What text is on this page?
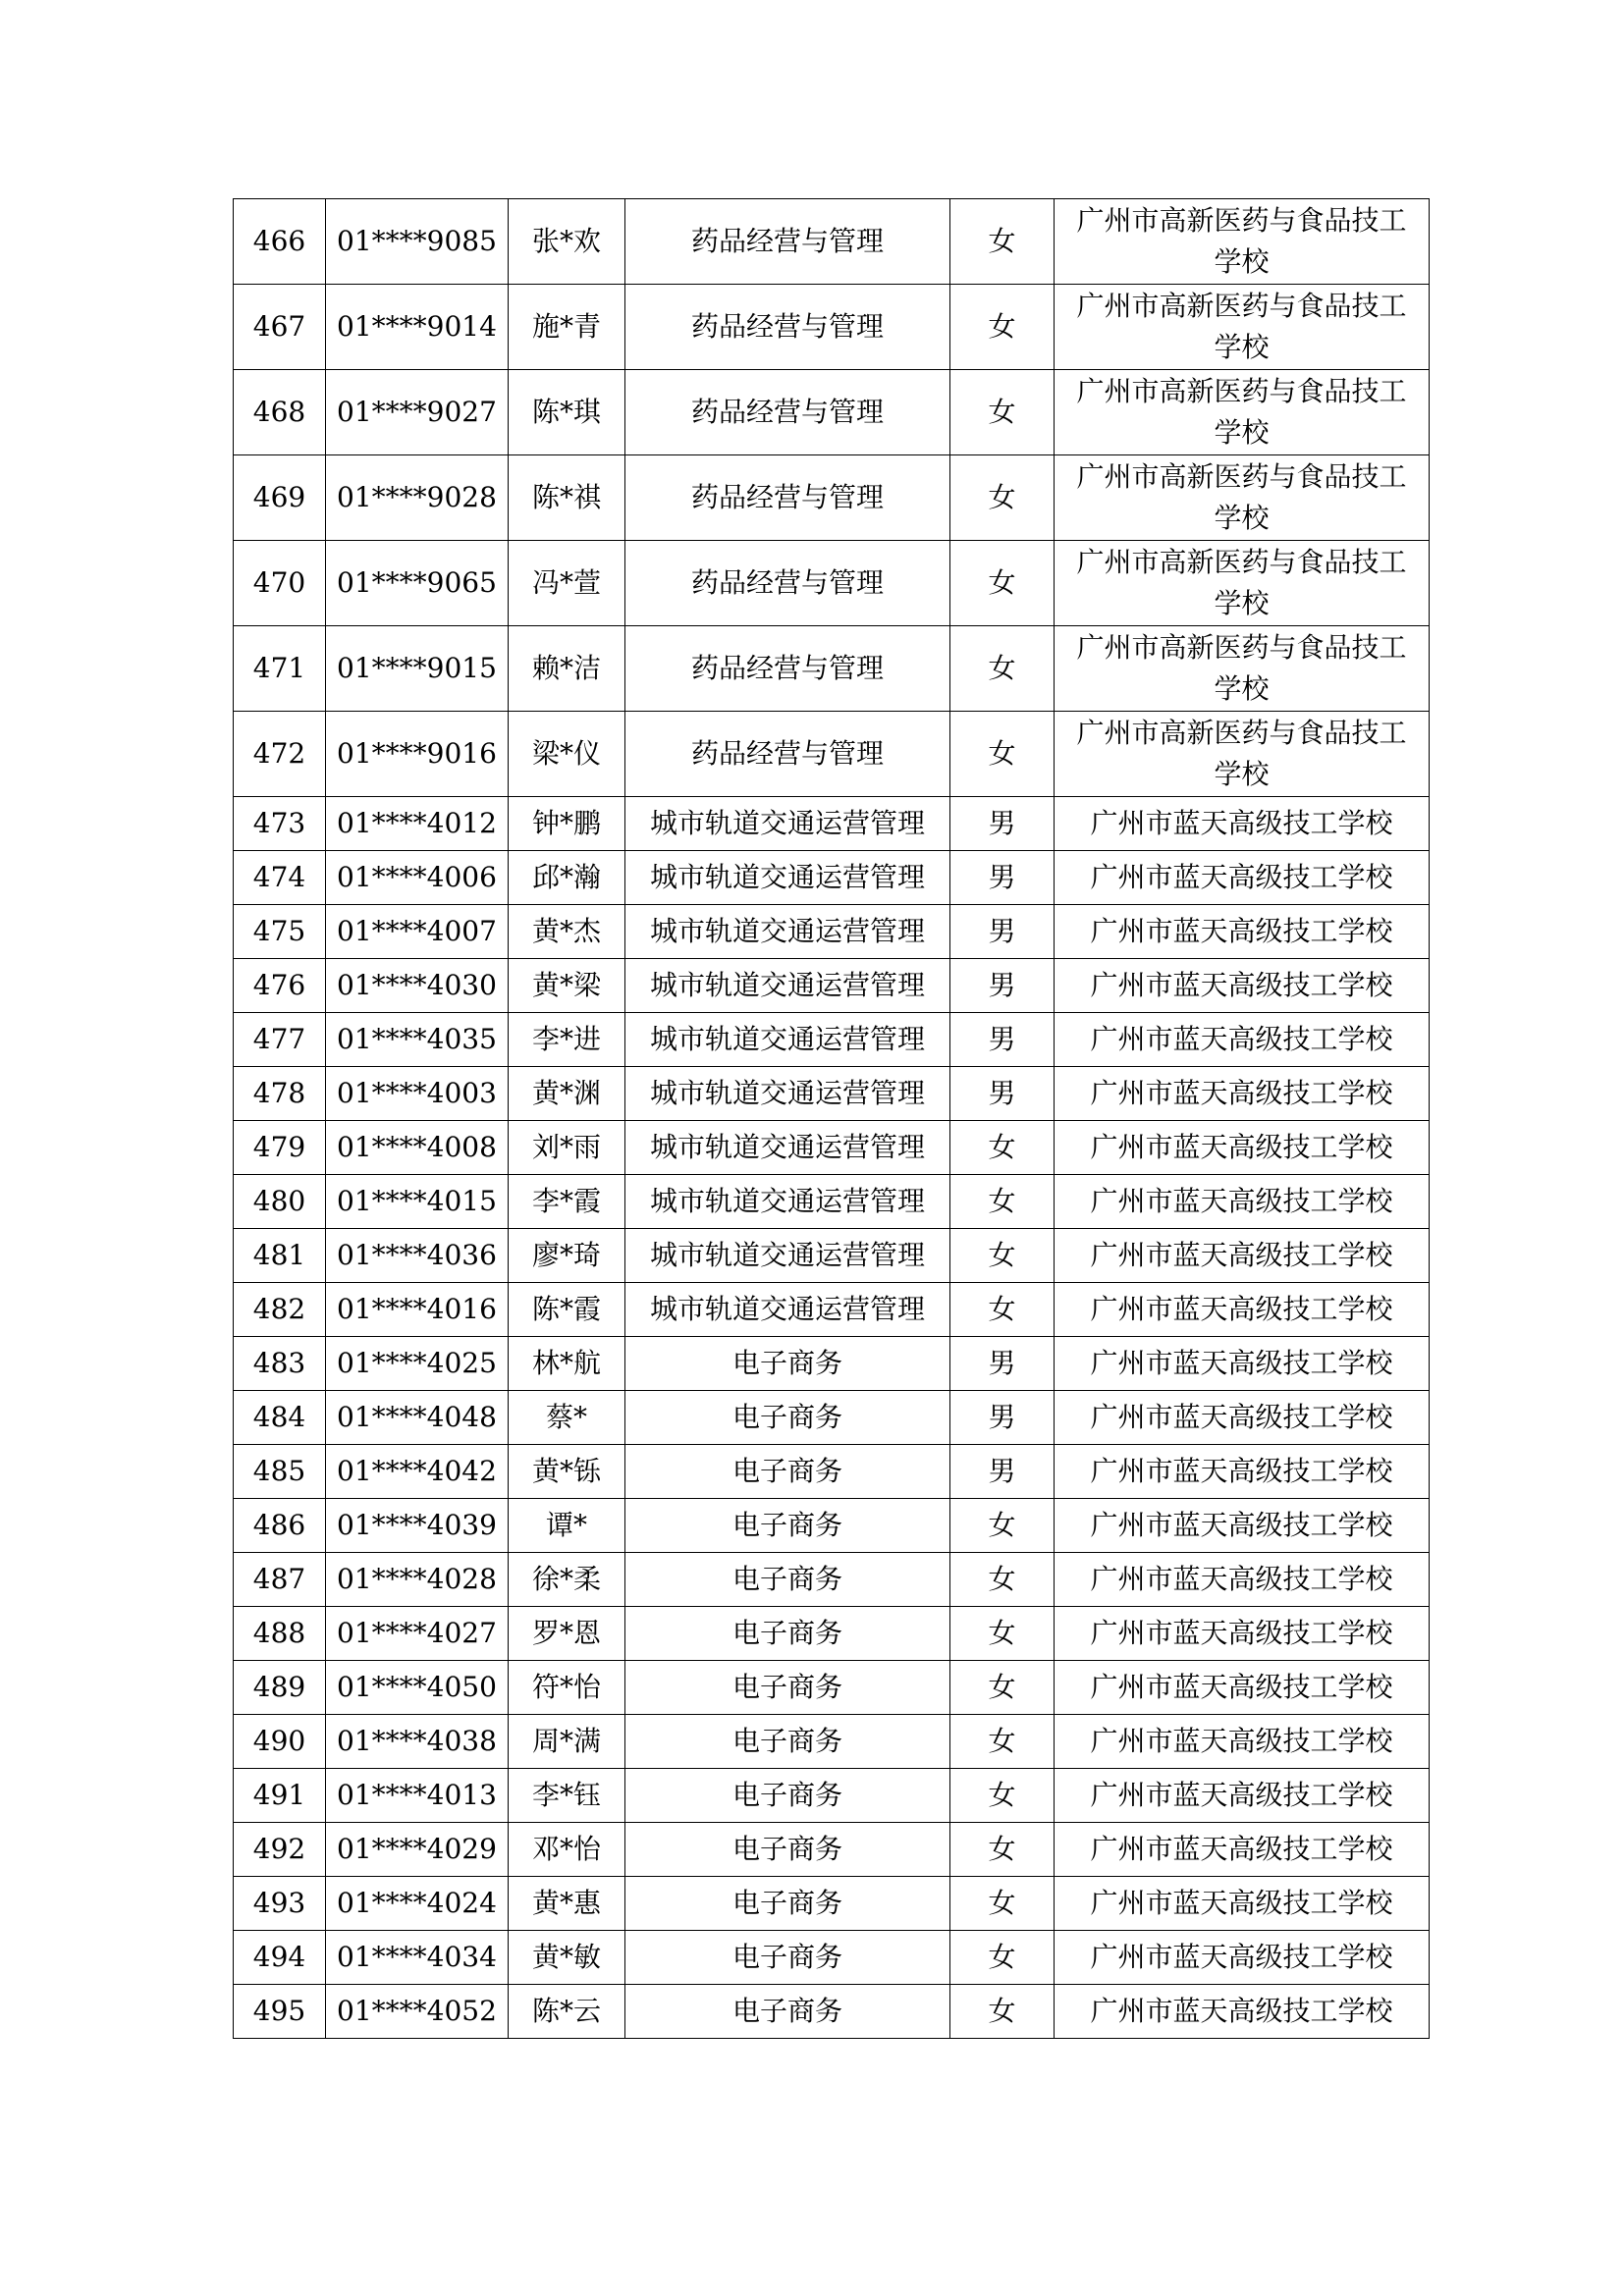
466	01****9085	张*欢	药品经营与管理	女	广州市高新医药与食品技工学校
467	01****9014	施*青	药品经营与管理	女	广州市高新医药与食品技工学校
468	01****9027	陈*琪	药品经营与管理	女	广州市高新医药与食品技工学校
469	01****9028	陈*祺	药品经营与管理	女	广州市高新医药与食品技工学校
470	01****9065	冯*萱	药品经营与管理	女	广州市高新医药与食品技工学校
471	01****9015	赖*洁	药品经营与管理	女	广州市高新医药与食品技工学校
472	01****9016	梁*仪	药品经营与管理	女	广州市高新医药与食品技工学校
473	01****4012	钟*鹏	城市轨道交通运营管理	男	广州市蓝天高级技工学校
474	01****4006	邱*瀚	城市轨道交通运营管理	男	广州市蓝天高级技工学校
475	01****4007	黄*杰	城市轨道交通运营管理	男	广州市蓝天高级技工学校
476	01****4030	黄*梁	城市轨道交通运营管理	男	广州市蓝天高级技工学校
477	01****4035	李*进	城市轨道交通运营管理	男	广州市蓝天高级技工学校
478	01****4003	黄*渊	城市轨道交通运营管理	男	广州市蓝天高级技工学校
479	01****4008	刘*雨	城市轨道交通运营管理	女	广州市蓝天高级技工学校
480	01****4015	李*霞	城市轨道交通运营管理	女	广州市蓝天高级技工学校
481	01****4036	廖*琦	城市轨道交通运营管理	女	广州市蓝天高级技工学校
482	01****4016	陈*霞	城市轨道交通运营管理	女	广州市蓝天高级技工学校
483	01****4025	林*航	电子商务	男	广州市蓝天高级技工学校
484	01****4048	蔡*	电子商务	男	广州市蓝天高级技工学校
485	01****4042	黄*铄	电子商务	男	广州市蓝天高级技工学校
486	01****4039	谭*	电子商务	女	广州市蓝天高级技工学校
487	01****4028	徐*柔	电子商务	女	广州市蓝天高级技工学校
488	01****4027	罗*恩	电子商务	女	广州市蓝天高级技工学校
489	01****4050	符*怡	电子商务	女	广州市蓝天高级技工学校
490	01****4038	周*满	电子商务	女	广州市蓝天高级技工学校
491	01****4013	李*钰	电子商务	女	广州市蓝天高级技工学校
492	01****4029	邓*怡	电子商务	女	广州市蓝天高级技工学校
493	01****4024	黄*惠	电子商务	女	广州市蓝天高级技工学校
494	01****4034	黄*敏	电子商务	女	广州市蓝天高级技工学校
495	01****4052	陈*云	电子商务	女	广州市蓝天高级技工学校
